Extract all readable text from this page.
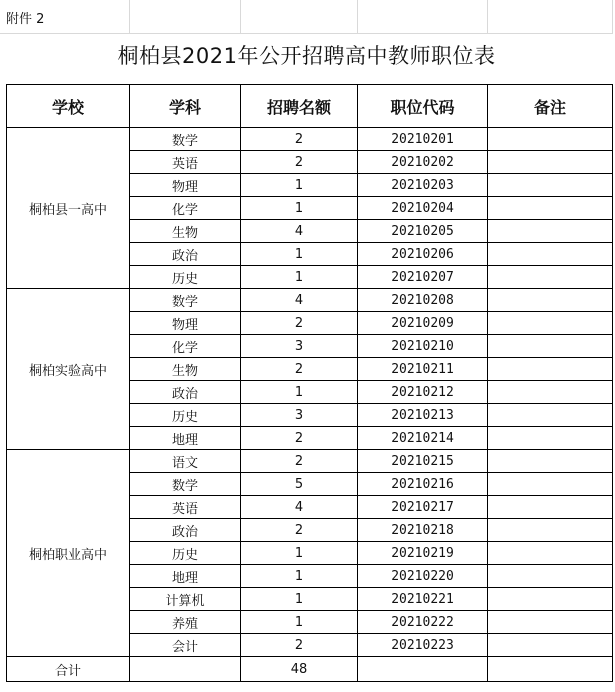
附件 2
桐柏县2021年公开招聘高中教师职位表
学校	学科	招聘名额	职位代码	备注
桐柏县一高中	数学	2	20210201	
	英语	2	20210202	
	物理	1	20210203	
	化学	1	20210204	
	生物	4	20210205	
	政治	1	20210206	
	历史	1	20210207	
桐柏实验高中	数学	4	20210208	
	物理	2	20210209	
	化学	3	20210210	
	生物	2	20210211	
	政治	1	20210212	
	历史	3	20210213	
	地理	2	20210214	
桐柏职业高中	语文	2	20210215	
	数学	5	20210216	
	英语	4	20210217	
	政治	2	20210218	
	历史	1	20210219	
	地理	1	20210220	
	计算机	1	20210221	
	养殖	1	20210222	
	会计	2	20210223	
合计		48		
